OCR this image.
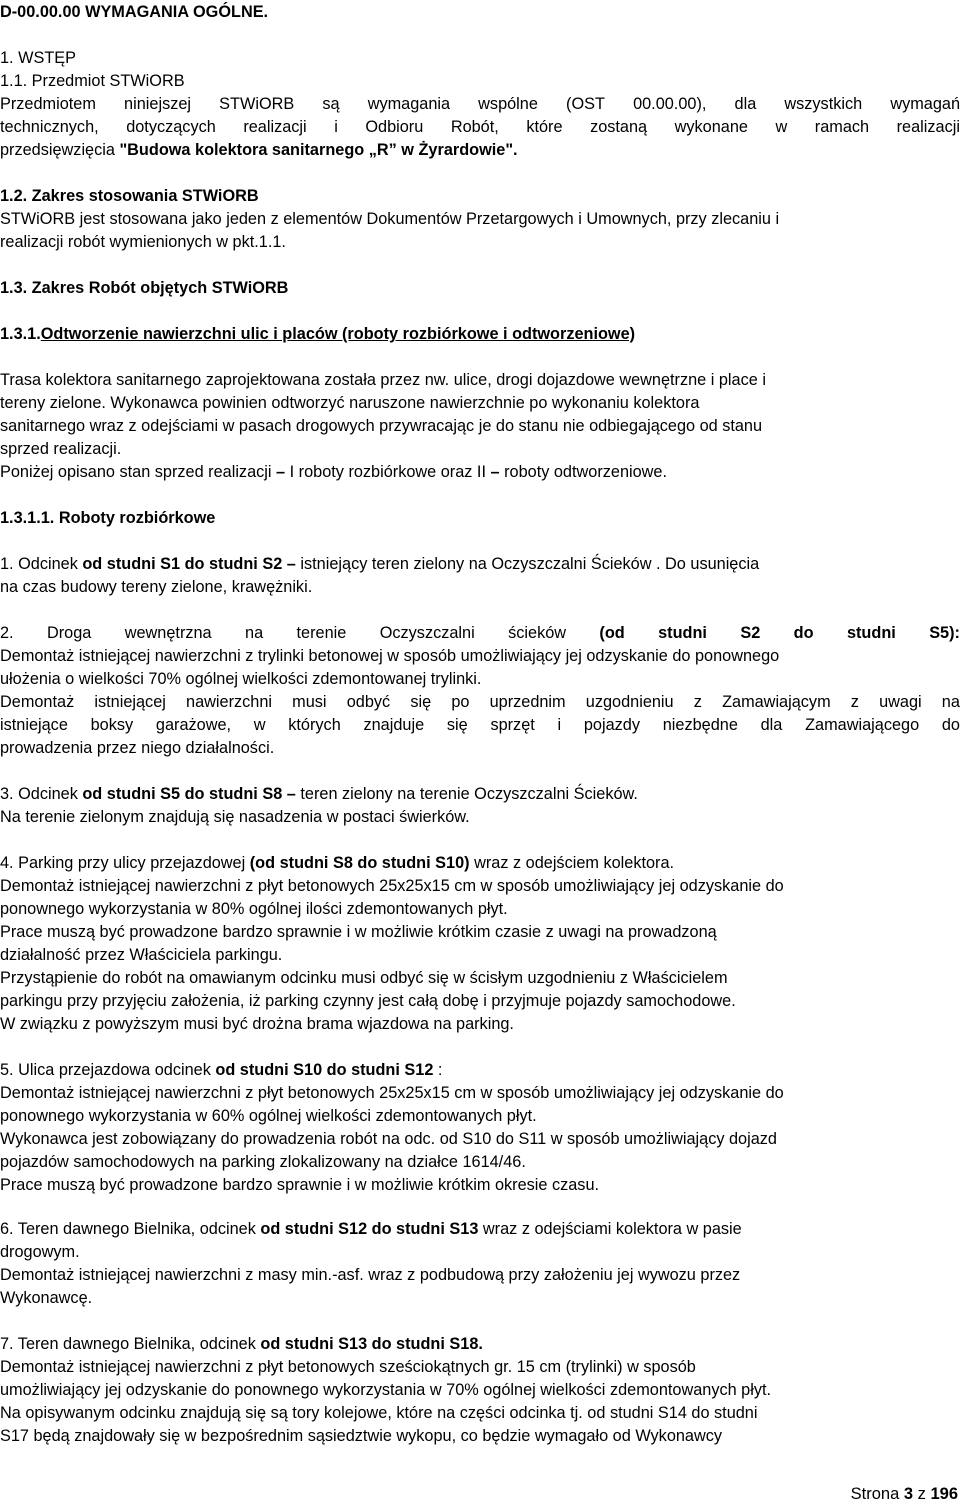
D-00.00.00 WYMAGANIA OGÓLNE.
1. WSTĘP
1.1. Przedmiot STWiORB
Przedmiotem niniejszej STWiORB są wymagania wspólne (OST 00.00.00), dla wszystkich wymagań
technicznych, dotyczących realizacji i Odbioru Robót, które zostaną wykonane w ramach realizacji
przedsięwzięcia "Budowa kolektora sanitarnego „R” w Żyrardowie".
1.2. Zakres stosowania STWiORB
STWiORB jest stosowana jako jeden z elementów Dokumentów Przetargowych i Umownych, przy zlecaniu i
realizacji robót wymienionych w pkt.1.1.
1.3. Zakres Robót objętych STWiORB
1.3.1.Odtworzenie nawierzchni ulic i placów (roboty rozbiórkowe i odtworzeniowe)
Trasa kolektora sanitarnego zaprojektowana została przez nw. ulice, drogi dojazdowe wewnętrzne i place i
tereny zielone. Wykonawca powinien odtworzyć naruszone nawierzchnie po wykonaniu kolektora
sanitarnego wraz z odejściami w pasach drogowych przywracając je do stanu nie odbiegającego od stanu
sprzed realizacji.
Poniżej opisano stan sprzed realizacji – I roboty rozbiórkowe oraz II – roboty odtworzeniowe.
1.3.1.1. Roboty rozbiórkowe
1. Odcinek od studni S1 do studni S2 – istniejący teren zielony na Oczyszczalni Ścieków . Do usunięcia
na czas budowy tereny zielone, krawężniki.
2. Droga wewnętrzna na terenie Oczyszczalni ścieków (od studni S2 do studni S5):
Demontaż istniejącej nawierzchni z trylinki betonowej w sposób umożliwiający jej odzyskanie do ponownego
ułożenia o wielkości 70% ogólnej wielkości zdemontowanej trylinki.
Demontaż istniejącej nawierzchni musi odbyć się po uprzednim uzgodnieniu z Zamawiającym z uwagi na
istniejące boksy garażowe, w których znajduje się sprzęt i pojazdy niezbędne dla Zamawiającego do
prowadzenia przez niego działalności.
3. Odcinek od studni S5 do studni S8 – teren zielony na terenie Oczyszczalni Ścieków.
Na terenie zielonym znajdują się nasadzenia w postaci świerków.
4. Parking przy ulicy przejazdowej (od studni S8 do studni S10) wraz z odejściem kolektora.
Demontaż istniejącej nawierzchni z płyt betonowych 25x25x15 cm w sposób umożliwiający jej odzyskanie do
ponownego wykorzystania w 80% ogólnej ilości zdemontowanych płyt.
Prace muszą być prowadzone bardzo sprawnie i w możliwie krótkim czasie z uwagi na prowadzoną
działalność przez Właściciela parkingu.
Przystąpienie do robót na omawianym odcinku musi odbyć się w ścisłym uzgodnieniu z Właścicielem
parkingu przy przyjęciu założenia, iż parking czynny jest całą dobę i przyjmuje pojazdy samochodowe.
W związku z powyższym musi być drożna brama wjazdowa na parking.
5. Ulica przejazdowa odcinek od studni S10 do studni S12 :
Demontaż istniejącej nawierzchni z płyt betonowych 25x25x15 cm w sposób umożliwiający jej odzyskanie do
ponownego wykorzystania w 60% ogólnej wielkości zdemontowanych płyt.
Wykonawca jest zobowiązany do prowadzenia robót na odc. od S10 do S11 w sposób umożliwiający dojazd
pojazdów samochodowych na parking zlokalizowany na działce 1614/46.
Prace muszą być prowadzone bardzo sprawnie i w możliwie krótkim okresie czasu.
6. Teren dawnego Bielnika, odcinek od studni S12 do studni S13 wraz z odejściami kolektora w pasie
drogowym.
Demontaż istniejącej nawierzchni z masy min.-asf. wraz z podbudową przy założeniu jej wywozu przez
Wykonawcę.
7. Teren dawnego Bielnika, odcinek od studni S13 do studni S18.
Demontaż istniejącej nawierzchni z płyt betonowych sześciokątnych gr. 15 cm (trylinki) w sposób
umożliwiający jej odzyskanie do ponownego wykorzystania w 70% ogólnej wielkości zdemontowanych płyt.
Na opisywanym odcinku znajdują się są tory kolejowe, które na części odcinka tj. od studni S14 do studni
S17 będą znajdowały się w bezpośrednim sąsiedztwie wykopu, co będzie wymagało od Wykonawcy
Strona 3 z 196
